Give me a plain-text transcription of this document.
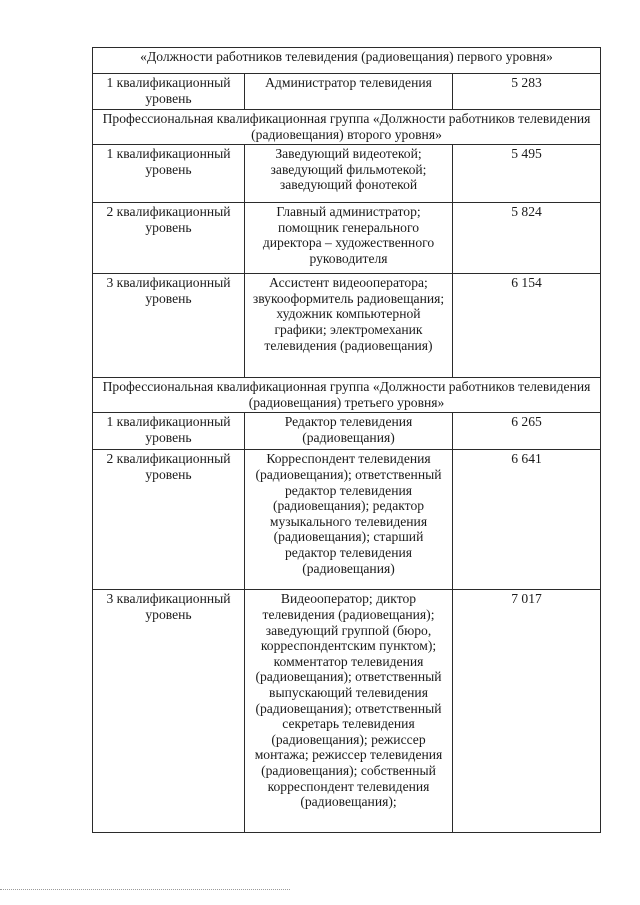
«Должности работников телевидения (радиовещания) первого уровня»		
1 квалификационный уровень	Администратор телевидения	5 283
Профессиональная квалификационная группа «Должности работников телевидения (радиовещания) второго уровня»		
1 квалификационный уровень	Заведующий видеотекой; заведующий фильмотекой; заведующий фонотекой	5 495
2 квалификационный уровень	Главный администратор; помощник генерального директора – художественного руководителя	5 824
3 квалификационный уровень	Ассистент видеооператора; звукооформитель радиовещания; художник компьютерной графики; электромеханик телевидения (радиовещания)	6 154
Профессиональная квалификационная группа «Должности работников телевидения (радиовещания) третьего уровня»		
1 квалификационный уровень	Редактор телевидения (радиовещания)	6 265
2 квалификационный уровень	Корреспондент телевидения (радиовещания); ответственный редактор телевидения (радиовещания); редактор музыкального телевидения (радиовещания); старший редактор телевидения (радиовещания)	6 641
3 квалификационный уровень	Видеооператор; диктор телевидения (радиовещания); заведующий группой (бюро, корреспондентским пунктом); комментатор телевидения (радиовещания); ответственный выпускающий телевидения (радиовещания); ответственный секретарь телевидения (радиовещания); режиссер монтажа; режиссер телевидения (радиовещания); собственный корреспондент телевидения (радиовещания);	7 017
